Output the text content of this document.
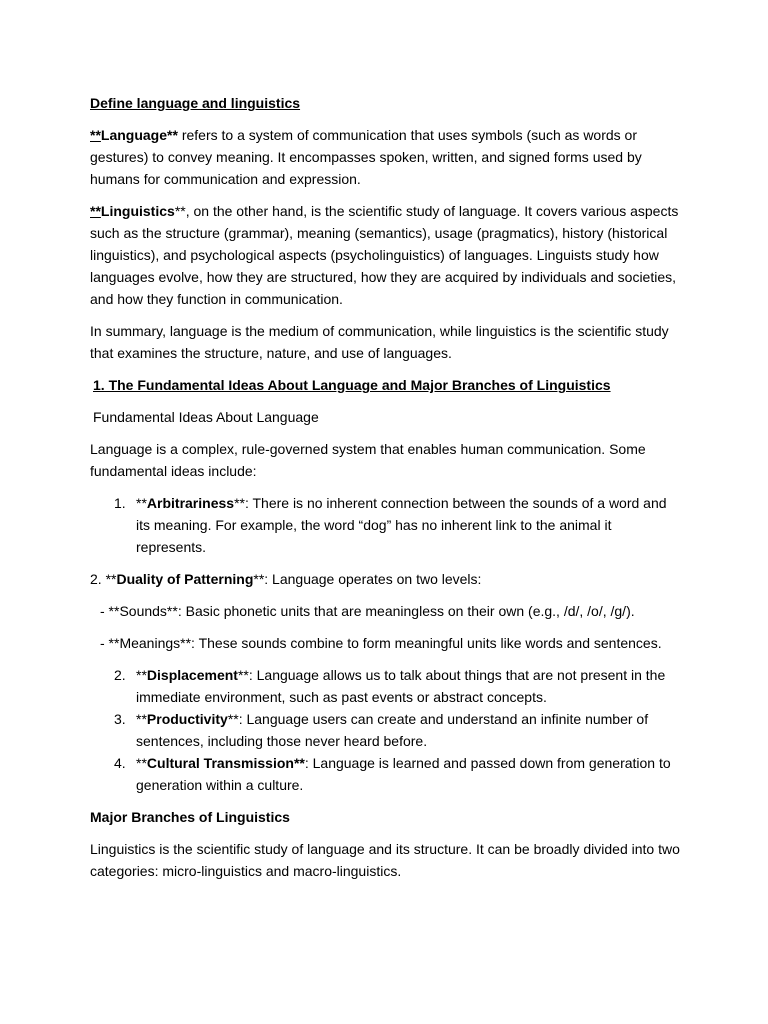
Define language and linguistics

**Language** refers to a system of communication that uses symbols (such as words or gestures) to convey meaning. It encompasses spoken, written, and signed forms used by humans for communication and expression.

**Linguistics**, on the other hand, is the scientific study of language. It covers various aspects such as the structure (grammar), meaning (semantics), usage (pragmatics), history (historical linguistics), and psychological aspects (psycholinguistics) of languages. Linguists study how languages evolve, how they are structured, how they are acquired by individuals and societies, and how they function in communication.

In summary, language is the medium of communication, while linguistics is the scientific study that examines the structure, nature, and use of languages.

1. The Fundamental Ideas About Language and Major Branches of Linguistics

Fundamental Ideas About Language

Language is a complex, rule-governed system that enables human communication. Some fundamental ideas include:

1. **Arbitrariness**: There is no inherent connection between the sounds of a word and its meaning. For example, the word “dog” has no inherent link to the animal it represents.

2. **Duality of Patterning**: Language operates on two levels:

- **Sounds**: Basic phonetic units that are meaningless on their own (e.g., /d/, /o/, /g/).

- **Meanings**: These sounds combine to form meaningful units like words and sentences.

2. **Displacement**: Language allows us to talk about things that are not present in the immediate environment, such as past events or abstract concepts.
3. **Productivity**: Language users can create and understand an infinite number of sentences, including those never heard before.
4. **Cultural Transmission**: Language is learned and passed down from generation to generation within a culture.

Major Branches of Linguistics

Linguistics is the scientific study of language and its structure. It can be broadly divided into two categories: micro-linguistics and macro-linguistics.
